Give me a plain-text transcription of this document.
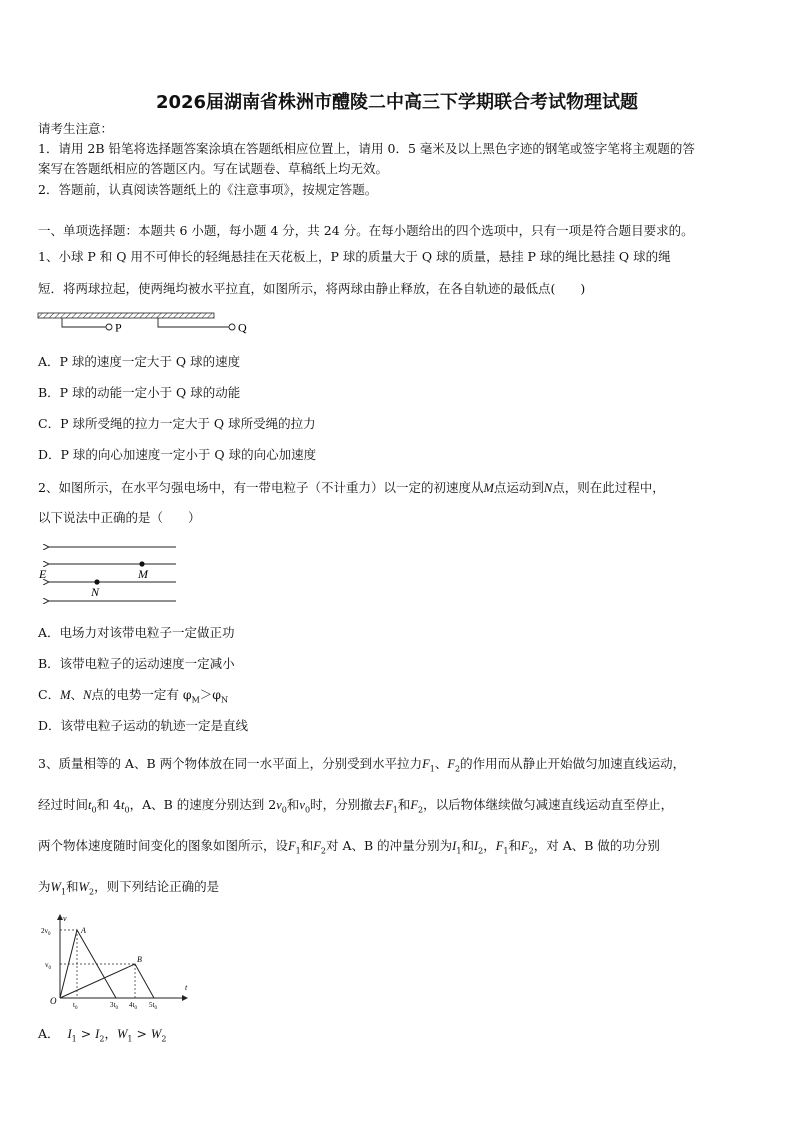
2026届湖南省株洲市醴陵二中高三下学期联合考试物理试题
请考生注意：
1．请用 2B 铅笔将选择题答案涂填在答题纸相应位置上，请用 0．5 毫米及以上黑色字迹的钢笔或签字笔将主观题的答
案写在答题纸相应的答题区内。写在试题卷、草稿纸上均无效。
2．答题前，认真阅读答题纸上的《注意事项》，按规定答题。
一、单项选择题：本题共 6 小题，每小题 4 分，共 24 分。在每小题给出的四个选项中，只有一项是符合题目要求的。
1、小球 P 和 Q 用不可伸长的轻绳悬挂在天花板上，P 球的质量大于 Q 球的质量，悬挂 P 球的绳比悬挂 Q 球的绳
短．将两球拉起，使两绳均被水平拉直，如图所示，将两球由静止释放，在各自轨迹的最低点(　　)
P	Q
A．P 球的速度一定大于 Q 球的速度
B．P 球的动能一定小于 Q 球的动能
C．P 球所受绳的拉力一定大于 Q 球所受绳的拉力
D．P 球的向心加速度一定小于 Q 球的向心加速度
2、如图所示，在水平匀强电场中，有一带电粒子（不计重力）以一定的初速度从M点运动到N点，则在此过程中，
以下说法中正确的是（　　）
E	M
N
A．电场力对该带电粒子一定做正功
B．该带电粒子的运动速度一定减小
C．M、N点的电势一定有 $\varphi_M>\varphi_N$
D．该带电粒子运动的轨迹一定是直线
3、质量相等的 A、B 两个物体放在同一水平面上，分别受到水平拉力$F_1$、$F_2$的作用而从静止开始做匀加速直线运动，
经过时间$t_0$和 $4t_0$，A、B 的速度分别达到 $2v_0$和$v_0$时，分别撤去$F_1$和$F_2$，以后物体继续做匀减速直线运动直至停止，
两个物体速度随时间变化的图象如图所示，设$F_1$和$F_2$对 A、B 的冲量分别为$I_1$和$I_2$，$F_1$和$F_2$，对 A、B 做的功分别
为$W_1$和$W_2$，则下列结论正确的是
v
t
O
$2v_0$
$v_0$
A
B
$t_0$	$3t_0$ $4t_0$ $5t_0$
A． $I_1 > I_2$，$W_1 > W_2$
